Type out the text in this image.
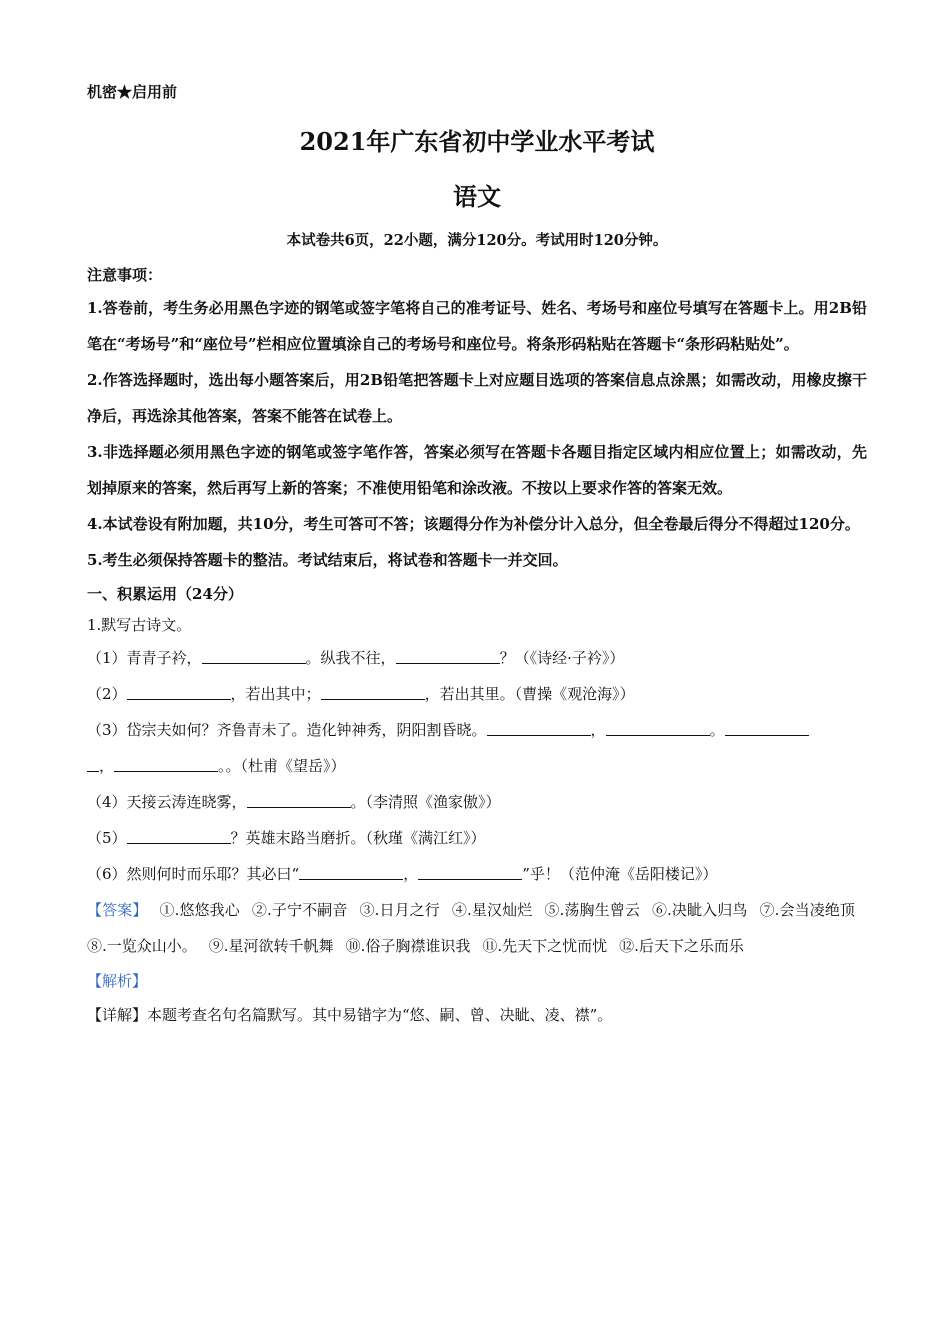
机密★启用前
2021年广东省初中学业水平考试
语文
本试卷共6页，22小题，满分120分。考试用时120分钟。
注意事项：

1.答卷前，考生务必用黑色字迹的钢笔或签字笔将自己的准考证号、姓名、考场号和座位号填写在答题卡上。用2B铅笔在“考场号”和“座位号”栏相应位置填涂自己的考场号和座位号。将条形码粘贴在答题卡“条形码粘贴处”。

2.作答选择题时，选出每小题答案后，用2B铅笔把答题卡上对应题目选项的答案信息点涂黑；如需改动，用橡皮擦干净后，再选涂其他答案，答案不能答在试卷上。

3.非选择题必须用黑色字迹的钢笔或签字笔作答，答案必须写在答题卡各题目指定区域内相应位置上；如需改动，先划掉原来的答案，然后再写上新的答案；不准使用铅笔和涂改液。不按以上要求作答的答案无效。

4.本试卷设有附加题，共10分，考生可答可不答；该题得分作为补偿分计入总分，但全卷最后得分不得超过120分。

5.考生必须保持答题卡的整洁。考试结束后，将试卷和答题卡一并交回。

一、积累运用（24分）
1.默写古诗文。
（1）青青子衿，	。纵我不往，	？（《诗经·子衿》）
（2）	，若出其中；	，若出其里。（曹操《观沧海》）
（3）岱宗夫如何？齐鲁青未了。造化钟神秀，阴阳割昏晓。	，	。
，	。。（杜甫《望岳》）
（4）天接云涛连晓雾，	。（李清照《渔家傲》）
（5）	？英雄末路当磨折。（秋瑾《满江红》）
（6）然则何时而乐耶？其必曰“	，	”乎！（范仲淹《岳阳楼记》）

【答案】 ①.悠悠我心 ②.子宁不嗣音 ③.日月之行 ④.星汉灿烂 ⑤.荡胸生曾云 ⑥.决眦入归鸟 ⑦.会当凌绝顶⑧.一览众山小。 ⑨.星河欲转千帆舞 ⑩.俗子胸襟谁识我 ⑪.先天下之忧而忧 ⑫.后天下之乐而乐

【解析】
【详解】本题考查名句名篇默写。其中易错字为“悠、嗣、曾、决眦、凌、襟”。
